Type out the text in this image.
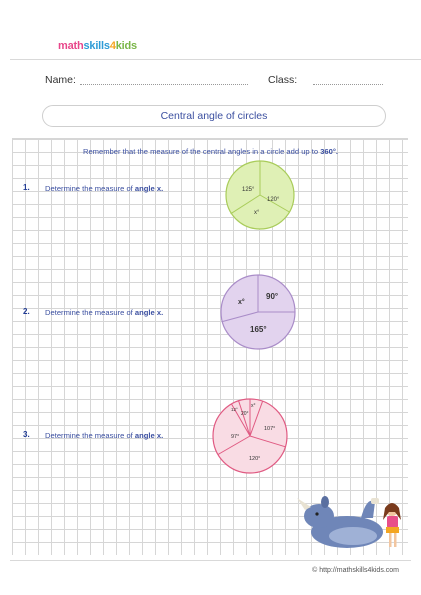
mathskills4kids
Name:	Class:
Central angle of circles
Remember that the measure of the central angles in a circle add up to 360°.
1. Determine the measure of angle x.	125°
120°
x°
2. Determine the measure of angle x.
x°
90°
165°
3. Determine the measure of angle x.
107°
120°
97°
12°
20°
x°
© http://mathskills4kids.com
